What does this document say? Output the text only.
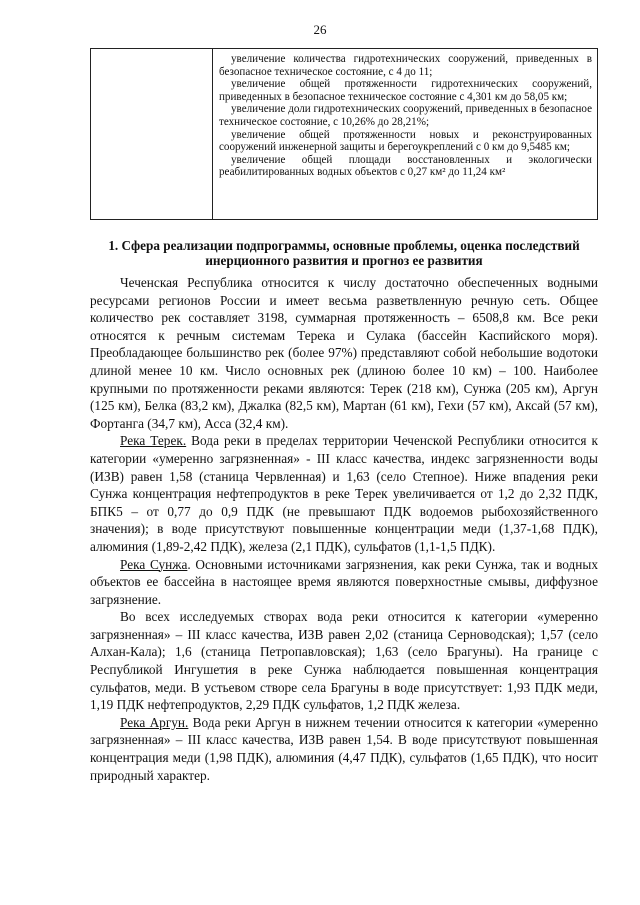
26

увеличение количества гидротехнических сооружений, приведенных в безопасное техническое состояние, с 4 до 11;

увеличение общей протяженности гидротехнических сооружений, приведенных в безопасное техническое состояние с 4,301 км до 58,05 км;

увеличение доли гидротехнических сооружений, приведенных в безопасное техническое состояние, с 10,26% до 28,21%;

увеличение общей протяженности новых и реконструированных сооружений инженерной защиты и берегоукреплений с 0 км до 9,5485 км;

увеличение общей площади восстановленных и экологически реабилитированных водных объектов с 0,27 км² до 11,24 км²

1. Сфера реализации подпрограммы, основные проблемы, оценка последствий инерционного развития и прогноз ее развития

Чеченская Республика относится к числу достаточно обеспеченных водными ресурсами регионов России и имеет весьма разветвленную речную сеть. Общее количество рек составляет 3198, суммарная протяженность – 6508,8 км. Все реки относятся к речным системам Терека и Сулака (бассейн Каспийского моря). Преобладающее большинство рек (более 97%) представляют собой небольшие водотоки длиной менее 10 км. Число основных рек (длиною более 10 км) – 100. Наиболее крупными по протяженности реками являются: Терек (218 км), Сунжа (205 км), Аргун (125 км), Белка (83,2 км), Джалка (82,5 км), Мартан (61 км), Гехи (57 км), Аксай (57 км), Фортанга (34,7 км), Асса (32,4 км).

Река Терек. Вода реки в пределах территории Чеченской Республики относится к категории «умеренно загрязненная» - III класс качества, индекс загрязненности воды (ИЗВ) равен 1,58 (станица Червленная) и 1,63 (село Степное). Ниже впадения реки Сунжа концентрация нефтепродуктов в реке Терек увеличивается от 1,2 до 2,32 ПДК, БПК5 – от 0,77 до 0,9 ПДК (не превышают ПДК водоемов рыбохозяйственного значения); в воде присутствуют повышенные концентрации меди (1,37-1,68 ПДК), алюминия (1,89-2,42 ПДК), железа (2,1 ПДК), сульфатов (1,1-1,5 ПДК).

Река Сунжа. Основными источниками загрязнения, как реки Сунжа, так и водных объектов ее бассейна в настоящее время являются поверхностные смывы, диффузное загрязнение.

Во всех исследуемых створах вода реки относится к категории «умеренно загрязненная» – III класс качества, ИЗВ равен 2,02 (станица Серноводская); 1,57 (село Алхан-Кала); 1,6 (станица Петропавловская); 1,63 (село Брагуны). На границе с Республикой Ингушетия в реке Сунжа наблюдается повышенная концентрация сульфатов, меди. В устьевом створе села Брагуны в воде присутствует: 1,93 ПДК меди, 1,19 ПДК нефтепродуктов, 2,29 ПДК сульфатов, 1,2 ПДК железа.

Река Аргун. Вода реки Аргун в нижнем течении относится к категории «умеренно загрязненная» – III класс качества, ИЗВ равен 1,54. В воде присутствуют повышенная концентрация меди (1,98 ПДК), алюминия (4,47 ПДК), сульфатов (1,65 ПДК), что носит природный характер.
